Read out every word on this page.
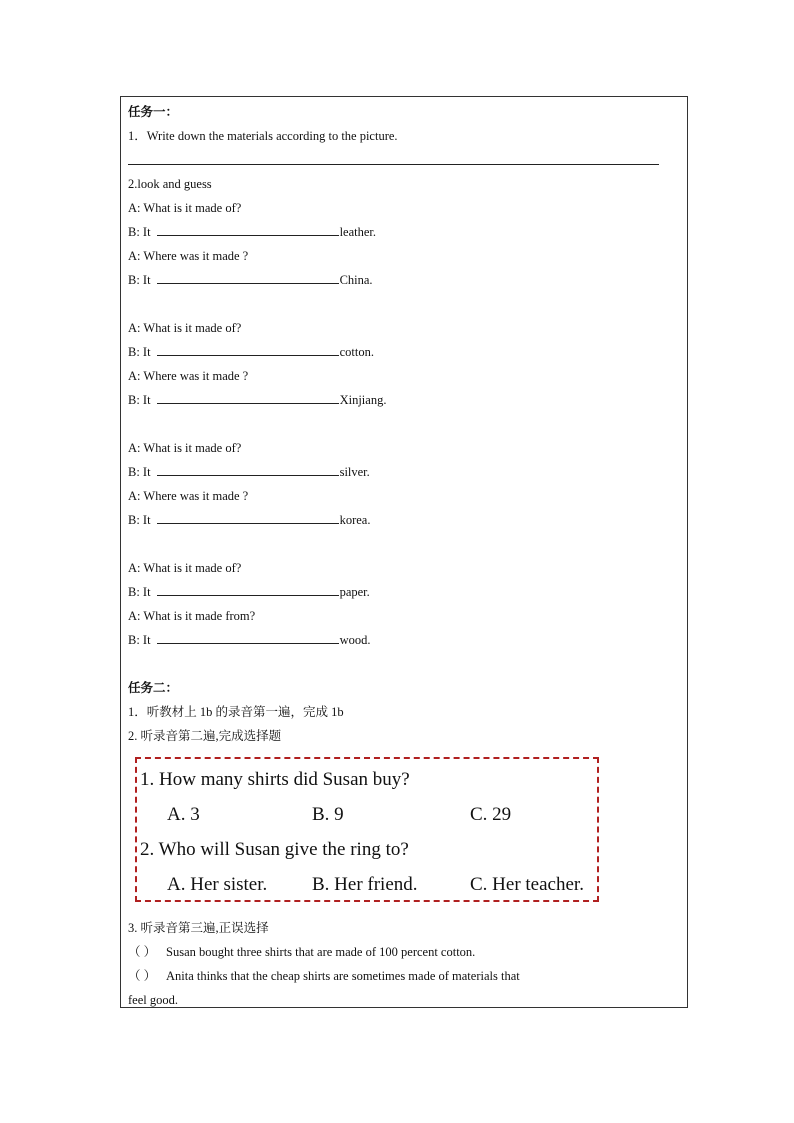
任务一：
1．Write down the materials according to the picture.
2.look and guess
A: What is it made of?
B: It	leather.
A: Where was it made ?
B: It	China.
A: What is it made of?
B: It	cotton.
A: Where was it made ?
B: It	Xinjiang.
A: What is it made of?
B: It	silver.
A: Where was it made ?
B: It	korea.
A: What is it made of?
B: It	paper.
A: What is it made from?
B: It	wood.
任务二：
1．听教材上 1b 的录音第一遍，完成 1b
2. 听录音第二遍,完成选择题
1. How many shirts did Susan buy?
A. 3	B. 9	C. 29
2. Who will Susan give the ring to?
A. Her sister. B. Her friend.	C. Her teacher.
3. 听录音第三遍,正误选择
（ ） Susan bought three shirts that are made of 100 percent cotton.
（ ） Anita thinks that the cheap shirts are sometimes made of materials that
feel good.
